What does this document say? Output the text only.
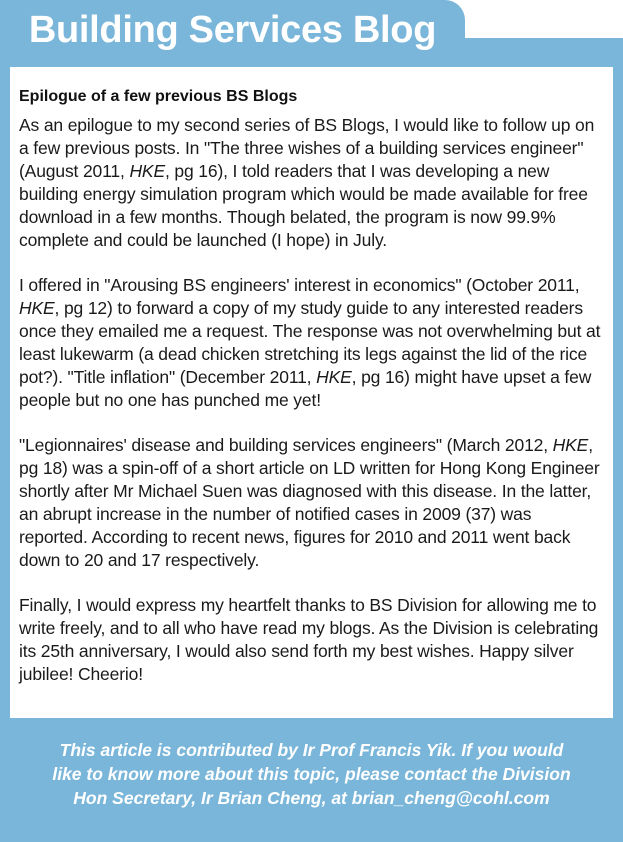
Building Services Blog
Epilogue of a few previous BS Blogs

As an epilogue to my second series of BS Blogs, I would like to follow up on a few previous posts. In "The three wishes of a building services engineer" (August 2011, HKE, pg 16), I told readers that I was developing a new building energy simulation program which would be made available for free download in a few months. Though belated, the program is now 99.9% complete and could be launched (I hope) in July.

I offered in "Arousing BS engineers' interest in economics" (October 2011, HKE, pg 12) to forward a copy of my study guide to any interested readers once they emailed me a request. The response was not overwhelming but at least lukewarm (a dead chicken stretching its legs against the lid of the rice pot?). "Title inflation" (December 2011, HKE, pg 16) might have upset a few people but no one has punched me yet!

"Legionnaires' disease and building services engineers" (March 2012, HKE, pg 18) was a spin-off of a short article on LD written for Hong Kong Engineer shortly after Mr Michael Suen was diagnosed with this disease. In the latter, an abrupt increase in the number of notified cases in 2009 (37) was reported. According to recent news, figures for 2010 and 2011 went back down to 20 and 17 respectively.

Finally, I would express my heartfelt thanks to BS Division for allowing me to write freely, and to all who have read my blogs. As the Division is celebrating its 25th anniversary, I would also send forth my best wishes. Happy silver jubilee! Cheerio!

This article is contributed by Ir Prof Francis Yik. If you would
like to know more about this topic, please contact the Division
Hon Secretary, Ir Brian Cheng, at brian_cheng@cohl.com
